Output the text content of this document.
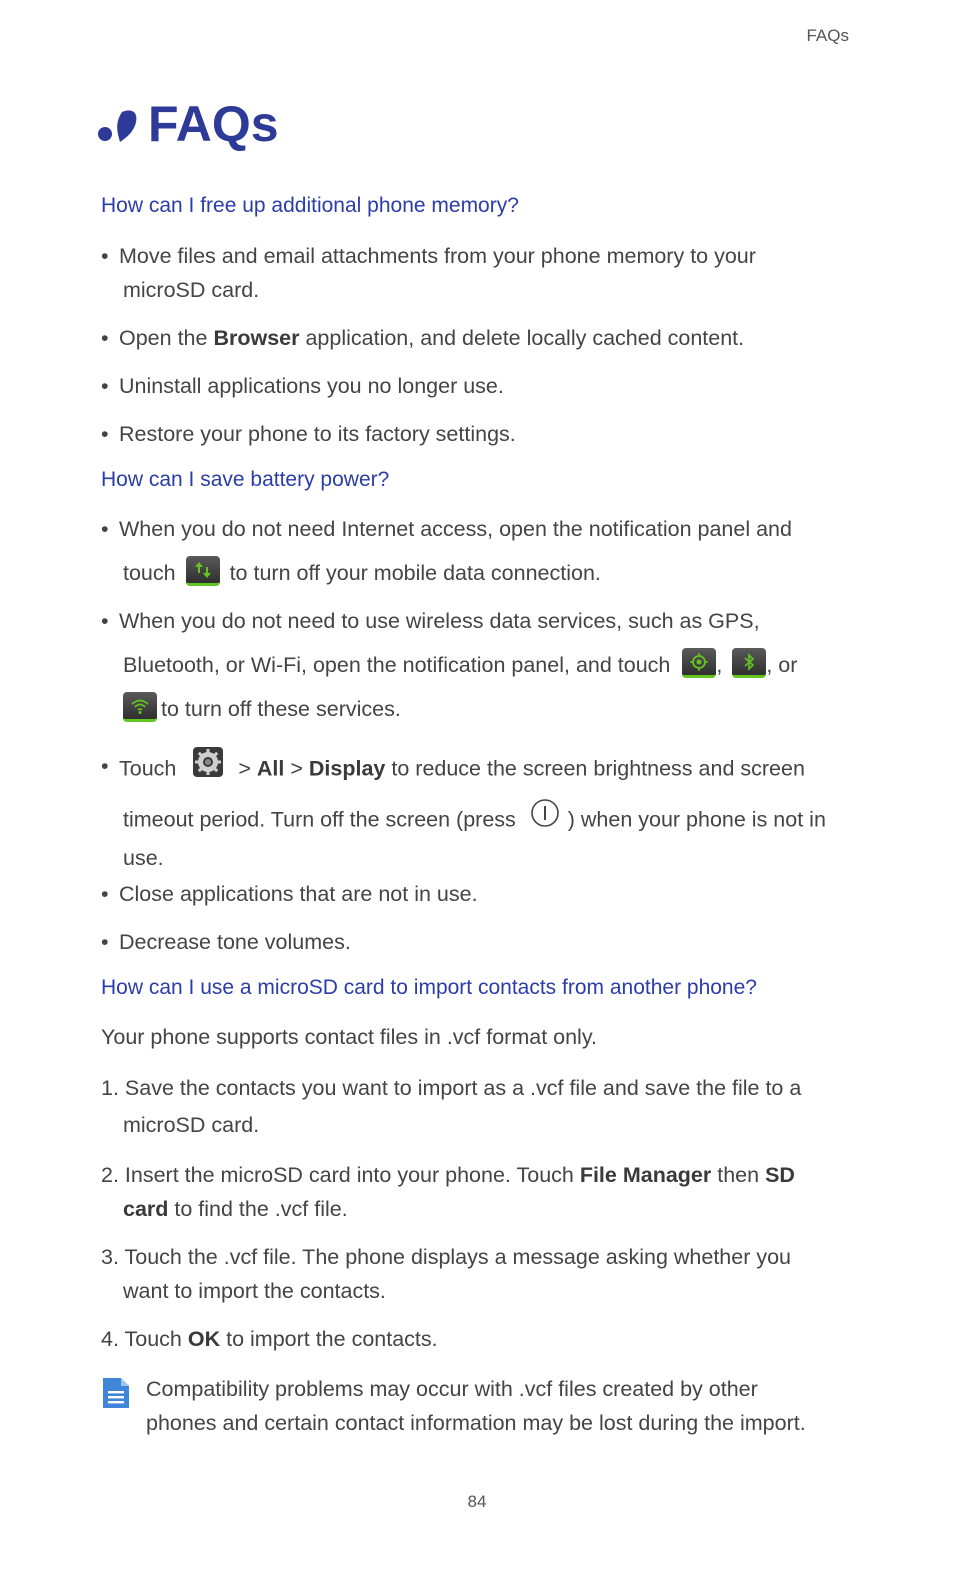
FAQs
FAQs
How can I free up additional phone memory?
• Move files and email attachments from your phone memory to your
microSD card.
• Open the Browser application, and delete locally cached content.
• Uninstall applications you no longer use.
• Restore your phone to its factory settings.
How can I save battery power?
• When you do not need Internet access, open the notification panel and
touch	to turn off your mobile data connection.
• When you do not need to use wireless data services, such as GPS,
Bluetooth, or Wi-Fi, open the notification panel, and touch , , or
to turn off these services.
• Touch	> All > Display to reduce the screen brightness and screen
timeout period. Turn off the screen (press ) when your phone is not in
use.
• Close applications that are not in use.
• Decrease tone volumes.
How can I use a microSD card to import contacts from another phone?
Your phone supports contact files in .vcf format only.
1. Save the contacts you want to import as a .vcf file and save the file to a
microSD card.
2. Insert the microSD card into your phone. Touch File Manager then SD
card to find the .vcf file.
3. Touch the .vcf file. The phone displays a message asking whether you
want to import the contacts.
4. Touch OK to import the contacts.
Compatibility problems may occur with .vcf files created by other
phones and certain contact information may be lost during the import.
84
